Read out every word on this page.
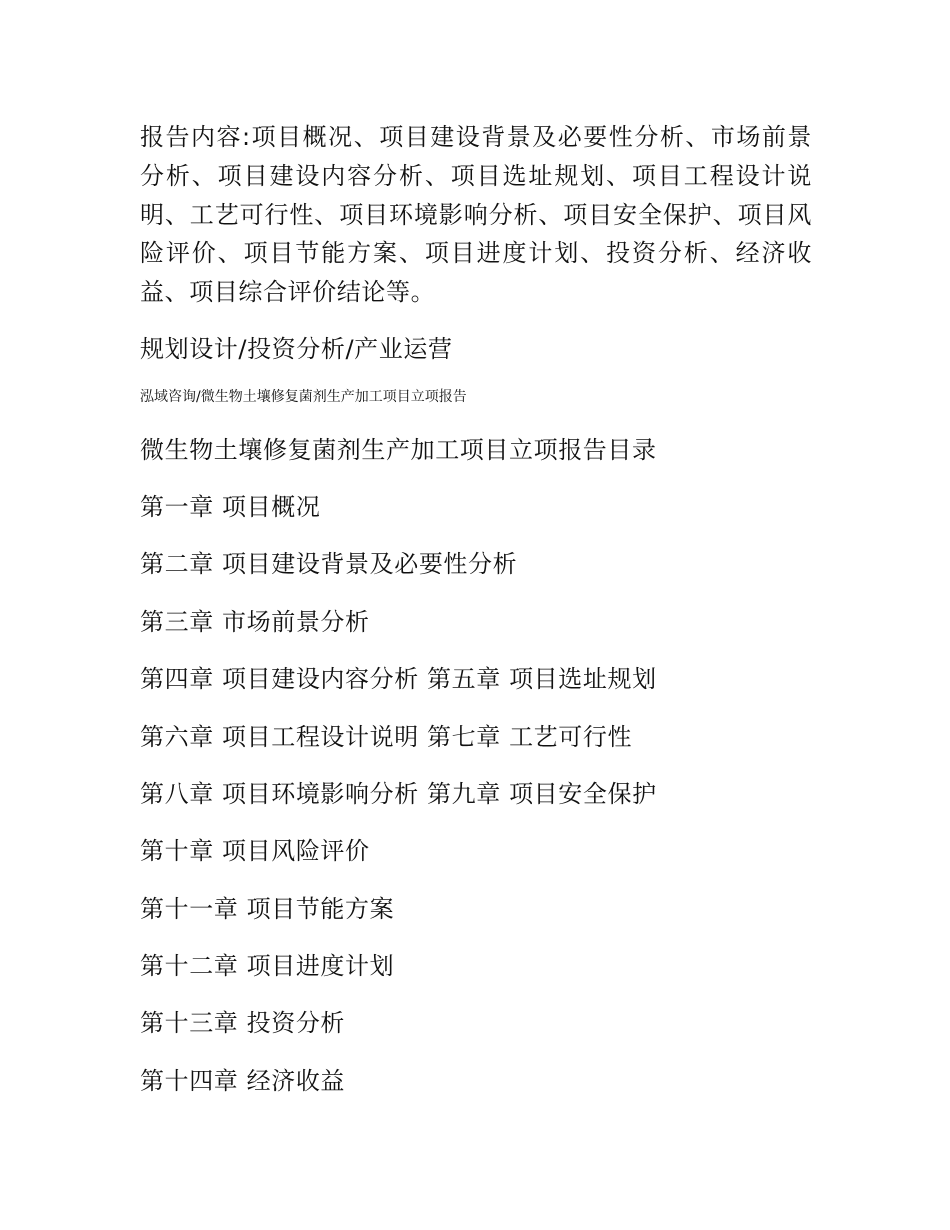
报告内容:项目概况、项目建设背景及必要性分析、市场前景分析、项目建设内容分析、项目选址规划、项目工程设计说明、工艺可行性、项目环境影响分析、项目安全保护、项目风险评价、项目节能方案、项目进度计划、投资分析、经济收益、项目综合评价结论等。

规划设计/投资分析/产业运营
泓域咨询/微生物土壤修复菌剂生产加工项目立项报告
微生物土壤修复菌剂生产加工项目立项报告目录
第一章 项目概况
第二章 项目建设背景及必要性分析
第三章 市场前景分析
第四章 项目建设内容分析 第五章 项目选址规划
第六章 项目工程设计说明 第七章 工艺可行性
第八章 项目环境影响分析 第九章 项目安全保护
第十章 项目风险评价
第十一章 项目节能方案
第十二章 项目进度计划
第十三章 投资分析
第十四章 经济收益
